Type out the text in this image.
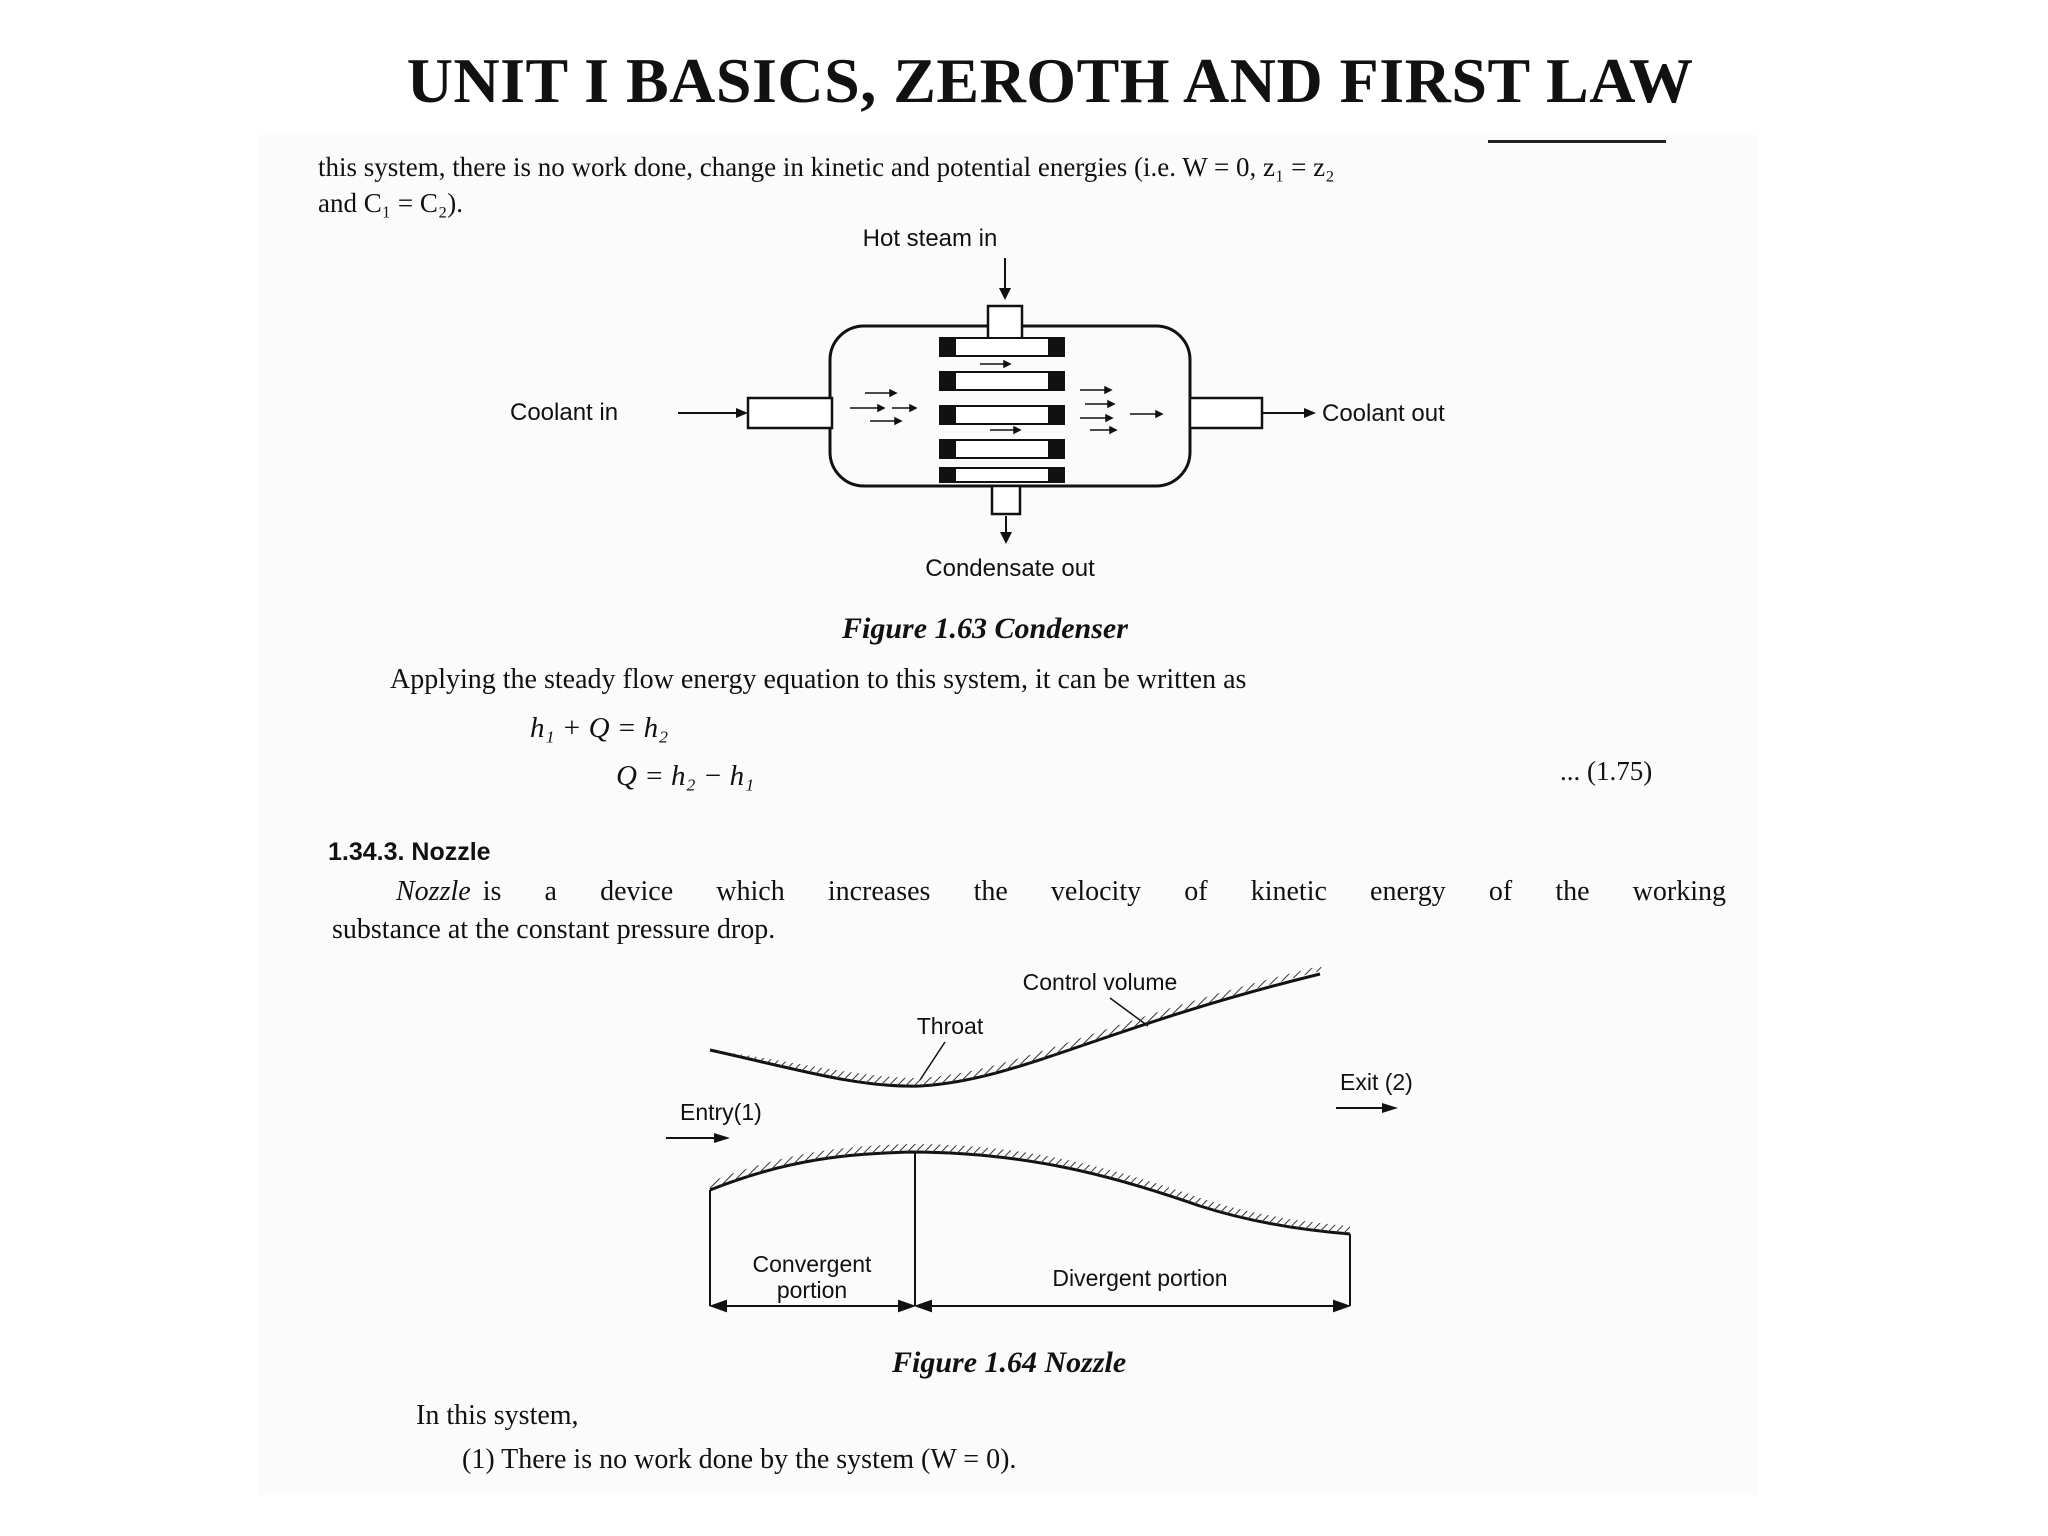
UNIT I BASICS, ZEROTH AND FIRST LAW
this system, there is no work done, change in kinetic and potential energies (i.e. W = 0, z₁ = z₂
and C₁ = C₂).
Hot steam in
Coolant in	Coolant out
Condensate out
Figure 1.63 Condenser
Applying the steady flow energy equation to this system, it can be written as
h₁ + Q = h₂
Q = h₂ − h₁	... (1.75)
1.34.3. Nozzle
Nozzle is a device which increases the velocity of kinetic energy of the working
substance at the constant pressure drop.
Control volume
Throat
Entry(1)
Exit (2)
Convergent
portion	Divergent portion
Figure 1.64 Nozzle
In this system,
(1) There is no work done by the system (W = 0).
